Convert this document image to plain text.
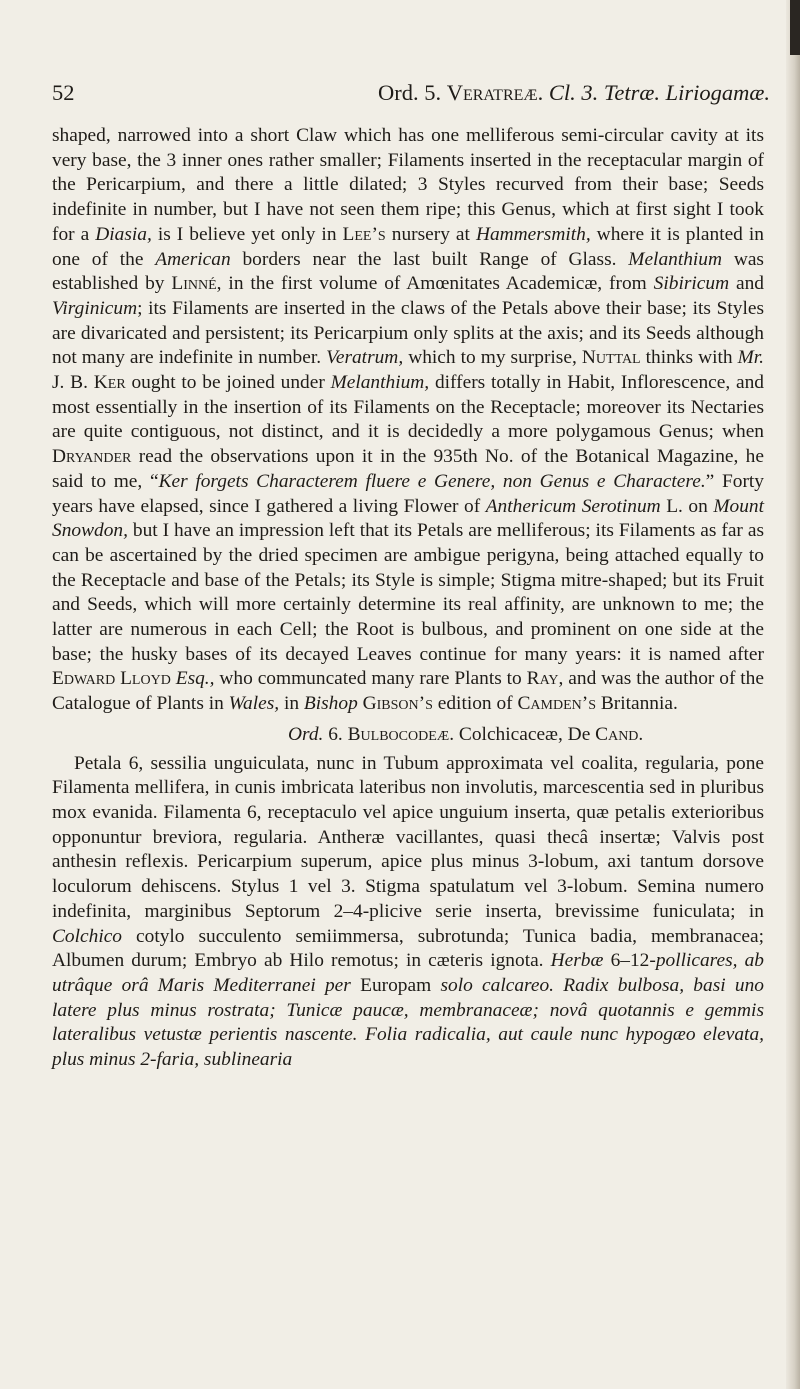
52	Ord. 5. Veratreæ. Cl. 3. Tetræ. Liriogamæ.

shaped, narrowed into a short Claw which has one melliferous semi-circular cavity at its very base, the 3 inner ones rather smaller; Filaments inserted in the receptacular margin of the Pericarpium, and there a little dilated; 3 Styles recurved from their base; Seeds indefinite in number, but I have not seen them ripe; this Genus, which at first sight I took for a Diasia, is I believe yet only in Lee’s nursery at Hammersmith, where it is planted in one of the American borders near the last built Range of Glass. Melanthium was established by Linné, in the first volume of Amœnitates Academicæ, from Sibiricum and Virginicum; its Filaments are inserted in the claws of the Petals above their base; its Styles are divaricated and persistent; its Pericarpium only splits at the axis; and its Seeds although not many are indefinite in number. Veratrum, which to my surprise, Nuttal thinks with Mr. J. B. Ker ought to be joined under Melanthium, differs totally in Habit, Inflorescence, and most essentially in the insertion of its Filaments on the Receptacle; moreover its Nectaries are quite contiguous, not distinct, and it is decidedly a more polygamous Genus; when Dryander read the observations upon it in the 935th No. of the Botanical Magazine, he said to me, “Ker forgets Characterem fluere e Genere, non Genus e Charactere.” Forty years have elapsed, since I gathered a living Flower of Anthericum Serotinum L. on Mount Snowdon, but I have an impression left that its Petals are melliferous; its Filaments as far as can be ascertained by the dried specimen are ambigue perigyna, being attached equally to the Receptacle and base of the Petals; its Style is simple; Stigma mitre-shaped; but its Fruit and Seeds, which will more certainly determine its real affinity, are unknown to me; the latter are numerous in each Cell; the Root is bulbous, and prominent on one side at the base; the husky bases of its decayed Leaves continue for many years: it is named after Edward Lloyd Esq., who communcated many rare Plants to Ray, and was the author of the Catalogue of Plants in Wales, in Bishop Gibson’s edition of Camden’s Britannia.

Ord. 6. Bulbocodeæ. Colchicaceæ, De Cand.

Petala 6, sessilia unguiculata, nunc in Tubum approximata vel coalita, regularia, pone Filamenta mellifera, in cunis imbricata lateribus non involutis, marcescentia sed in pluribus mox evanida. Filamenta 6, receptaculo vel apice unguium inserta, quæ petalis exterioribus opponuntur breviora, regularia. Antheræ vacillantes, quasi thecâ insertæ; Valvis post anthesin reflexis. Pericarpium superum, apice plus minus 3-lobum, axi tantum dorsove loculorum dehiscens. Stylus 1 vel 3. Stigma spatulatum vel 3-lobum. Semina numero indefinita, marginibus Septorum 2–4-plicive serie inserta, brevissime funiculata; in Colchico cotylo succulento semiimmersa, subrotunda; Tunica badia, membranacea; Albumen durum; Embryo ab Hilo remotus; in cæteris ignota. Herbæ 6–12-pollicares, ab utrâque orâ Maris Mediterranei per Europam solo calcareo. Radix bulbosa, basi uno latere plus minus rostrata; Tunicæ paucæ, membranaceæ; novâ quotannis e gemmis lateralibus vetustæ perientis nascente. Folia radicalia, aut caule nunc hypogæo elevata, plus minus 2-faria, sublinearia
